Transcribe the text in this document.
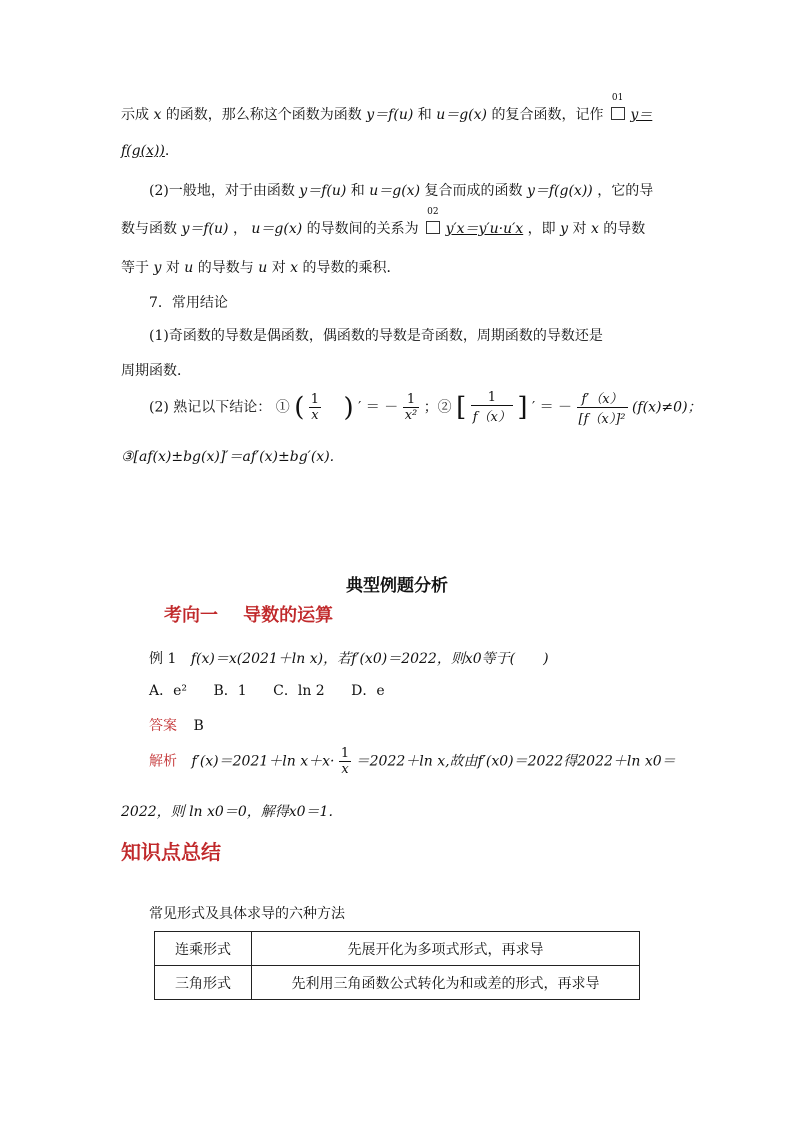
示成 x 的函数，那么称这个函数为函数 y＝f(u) 和 u＝g(x) 的复合函数，记作
01
y＝
f(g(x)).
(2)一般地，对于由函数 y＝f(u) 和 u＝g(x) 复合而成的函数 y＝f(g(x)) ，它的导
数与函数 y＝f(u) ， u＝g(x) 的导数间的关系为
02
y′x＝y′u·u′x ，即 y 对 x 的导数
等于 y 对 u 的导数与 u 对 x 的导数的乘积．
7．常用结论
(1)奇函数的导数是偶函数，偶函数的导数是奇函数，周期函数的导数还是
周期函数．
(2) 熟记以下结论： ① ( $\frac{1}{x}$ ) ′ ＝ － $\frac{1}{\text{x²}}$ ；② [ $\frac{1}{f(x)}$ ] ′ ＝ － $\frac{f'(x)}{\text{[f（x）]²}} (f(x)\ne 0)$；
③[af(x)±bg(x)]′＝af′(x)±bg′(x).
典型例题分析
考向一    导数的运算
例 1 f(x)＝x(2021＋ln x)，若f′(x0)＝2022，则x0等于(　　)
A．e² B．1 C．ln 2 D．e
答案 B
解析 f′(x)＝2021＋ln $x+x\cdot \frac{1}{x} =2022+\ln$ x,故由f′(x0)＝2022得2022＋ln x0＝
2022，则 ln x0＝0，解得x0＝1.
知识点总结
常见形式及具体求导的六种方法
连乘形式	先展开化为多项式形式，再求导
三角形式	先利用三角函数公式转化为和或差的形式，再求导
